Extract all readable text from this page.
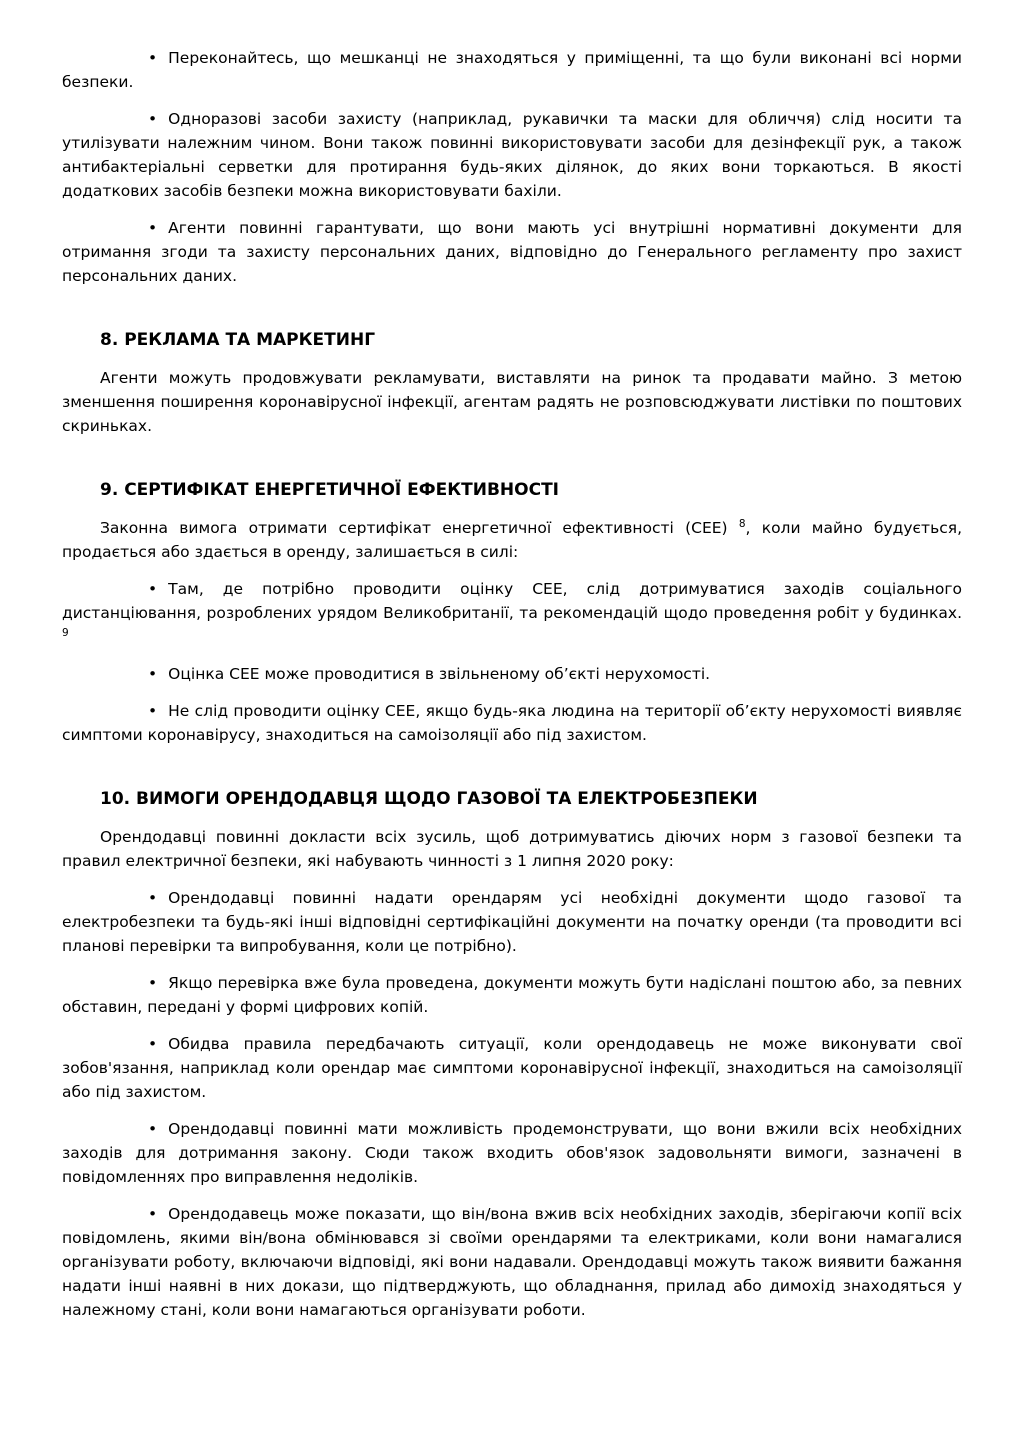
• Переконайтесь, що мешканці не знаходяться у приміщенні, та що були виконані всі норми безпеки.

• Одноразові засоби захисту (наприклад, рукавички та маски для обличчя) слід носити та утилізувати належним чином. Вони також повинні використовувати засоби для дезінфекції рук, а також антибактеріальні серветки для протирання будь-яких ділянок, до яких вони торкаються. В якості додаткових засобів безпеки можна використовувати бахіли.

• Агенти повинні гарантувати, що вони мають усі внутрішні нормативні документи для отримання згоди та захисту персональних даних, відповідно до Генерального регламенту про захист персональних даних.

8. РЕКЛАМА ТА МАРКЕТИНГ

Агенти можуть продовжувати рекламувати, виставляти на ринок та продавати майно. З метою зменшення поширення коронавірусної інфекції, агентам радять не розповсюджувати листівки по поштових скриньках.

9. СЕРТИФІКАТ ЕНЕРГЕТИЧНОЇ ЕФЕКТИВНОСТІ

Законна вимога отримати сертифікат енергетичної ефективності (СЕЕ) $^8$, коли майно будується, продається або здається в оренду, залишається в силі:

• Там, де потрібно проводити оцінку СЕЕ, слід дотримуватися заходів соціального дистанціювання, розроблених урядом Великобританії, та рекомендацій щодо проведення робіт у будинках. $^9$

• Оцінка СЕЕ може проводитися в звільненому об’єкті нерухомості.

• Не слід проводити оцінку СЕЕ, якщо будь-яка людина на території об’єкту нерухомості виявляє симптоми коронавірусу, знаходиться на самоізоляції або під захистом.

10. ВИМОГИ ОРЕНДОДАВЦЯ ЩОДО ГАЗОВОЇ ТА ЕЛЕКТРОБЕЗПЕКИ

Орендодавці повинні докласти всіх зусиль, щоб дотримуватись діючих норм з газової безпеки та правил електричної безпеки, які набувають чинності з 1 липня 2020 року:

• Орендодавці повинні надати орендарям усі необхідні документи щодо газової та електробезпеки та будь-які інші відповідні сертифікаційні документи на початку оренди (та проводити всі планові перевірки та випробування, коли це потрібно).

• Якщо перевірка вже була проведена, документи можуть бути надіслані поштою або, за певних обставин, передані у формі цифрових копій.

• Обидва правила передбачають ситуації, коли орендодавець не може виконувати свої зобов'язання, наприклад коли орендар має симптоми коронавірусної інфекції, знаходиться на самоізоляції або під захистом.

• Орендодавці повинні мати можливість продемонструвати, що вони вжили всіх необхідних заходів для дотримання закону. Сюди також входить обов'язок задовольняти вимоги, зазначені в повідомленнях про виправлення недоліків.

• Орендодавець може показати, що він/вона вжив всіх необхідних заходів, зберігаючи копії всіх повідомлень, якими він/вона обмінювався зі своїми орендарями та електриками, коли вони намагалися організувати роботу, включаючи відповіді, які вони надавали. Орендодавці можуть також виявити бажання надати інші наявні в них докази, що підтверджують, що обладнання, прилад або димохід знаходяться у належному стані, коли вони намагаються організувати роботи.
